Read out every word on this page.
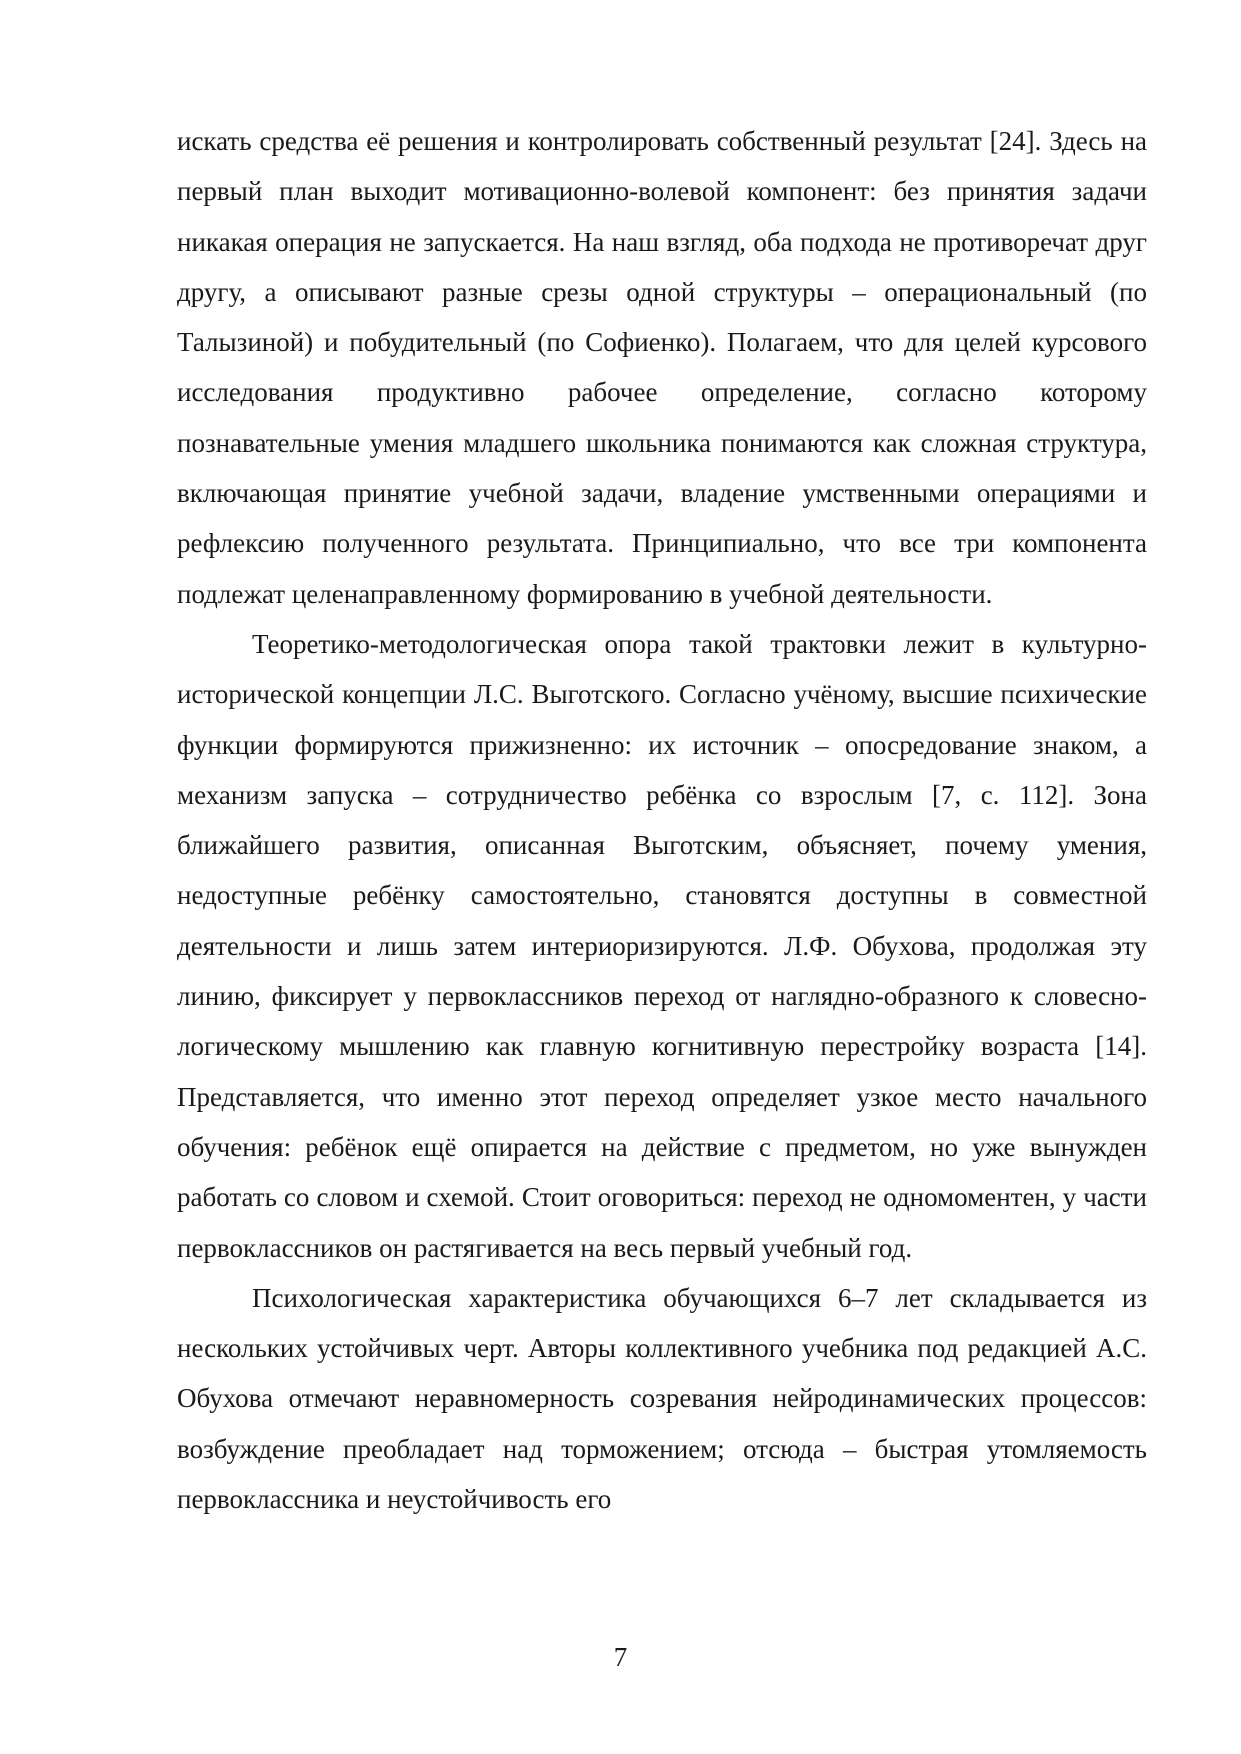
искать средства её решения и контролировать собственный результат [24]. Здесь на первый план выходит мотивационно-волевой компонент: без принятия задачи никакая операция не запускается. На наш взгляд, оба подхода не противоречат друг другу, а описывают разные срезы одной структуры – операциональный (по Талызиной) и побудительный (по Софиенко). Полагаем, что для целей курсового исследования продуктивно рабочее определение, согласно которому познавательные умения младшего школьника понимаются как сложная структура, включающая принятие учебной задачи, владение умственными операциями и рефлексию полученного результата. Принципиально, что все три компонента подлежат целенаправленному формированию в учебной деятельности.

Теоретико-методологическая опора такой трактовки лежит в культурно-исторической концепции Л.С. Выготского. Согласно учёному, высшие психические функции формируются прижизненно: их источник – опосредование знаком, а механизм запуска – сотрудничество ребёнка со взрослым [7, с. 112]. Зона ближайшего развития, описанная Выготским, объясняет, почему умения, недоступные ребёнку самостоятельно, становятся доступны в совместной деятельности и лишь затем интериоризируются. Л.Ф. Обухова, продолжая эту линию, фиксирует у первоклассников переход от наглядно-образного к словесно-логическому мышлению как главную когнитивную перестройку возраста [14]. Представляется, что именно этот переход определяет узкое место начального обучения: ребёнок ещё опирается на действие с предметом, но уже вынужден работать со словом и схемой. Стоит оговориться: переход не одномоментен, у части первоклассников он растягивается на весь первый учебный год.

Психологическая характеристика обучающихся 6–7 лет складывается из нескольких устойчивых черт. Авторы коллективного учебника под редакцией А.С. Обухова отмечают неравномерность созревания нейродинамических процессов: возбуждение преобладает над торможением; отсюда – быстрая утомляемость первоклассника и неустойчивость его

7
